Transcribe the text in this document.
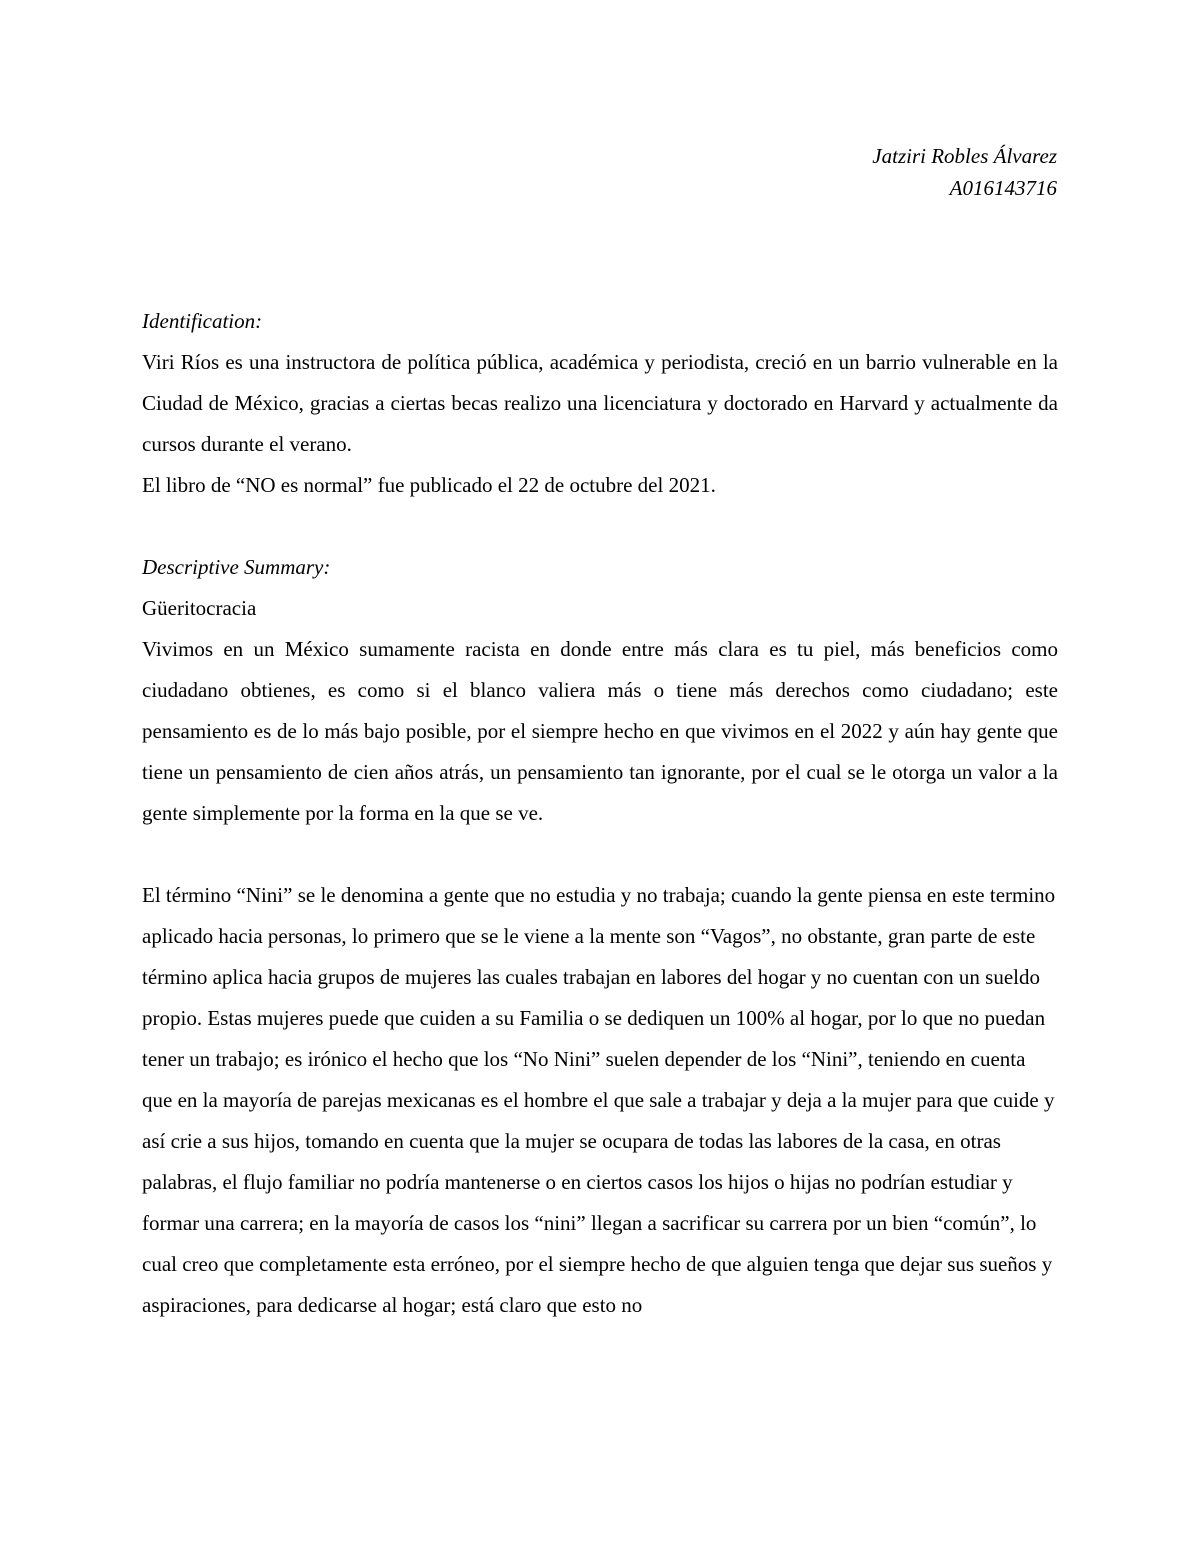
Jatziri Robles Álvarez
A016143716

Identification:

Viri Ríos es una instructora de política pública, académica y periodista, creció en un barrio vulnerable en la Ciudad de México, gracias a ciertas becas realizo una licenciatura y doctorado en Harvard y actualmente da cursos durante el verano.

El libro de “NO es normal” fue publicado el 22 de octubre del 2021.

Descriptive Summary:

Güeritocracia

Vivimos en un México sumamente racista en donde entre más clara es tu piel, más beneficios como ciudadano obtienes, es como si el blanco valiera más o tiene más derechos como ciudadano; este pensamiento es de lo más bajo posible, por el siempre hecho en que vivimos en el 2022 y aún hay gente que tiene un pensamiento de cien años atrás, un pensamiento tan ignorante, por el cual se le otorga un valor a la gente simplemente por la forma en la que se ve.

El término “Nini” se le denomina a gente que no estudia y no trabaja; cuando la gente piensa en este termino aplicado hacia personas, lo primero que se le viene a la mente son “Vagos”, no obstante, gran parte de este término aplica hacia grupos de mujeres las cuales trabajan en labores del hogar y no cuentan con un sueldo propio. Estas mujeres puede que cuiden a su Familia o se dediquen un 100% al hogar, por lo que no puedan tener un trabajo; es irónico el hecho que los “No Nini” suelen depender de los “Nini”, teniendo en cuenta que en la mayoría de parejas mexicanas es el hombre el que sale a trabajar y deja a la mujer para que cuide y así crie a sus hijos, tomando en cuenta que la mujer se ocupara de todas las labores de la casa, en otras palabras, el flujo familiar no podría mantenerse o en ciertos casos los hijos o hijas no podrían estudiar y formar una carrera; en la mayoría de casos los “nini” llegan a sacrificar su carrera por un bien “común”, lo cual creo que completamente esta erróneo, por el siempre hecho de que alguien tenga que dejar sus sueños y aspiraciones, para dedicarse al hogar; está claro que esto no
